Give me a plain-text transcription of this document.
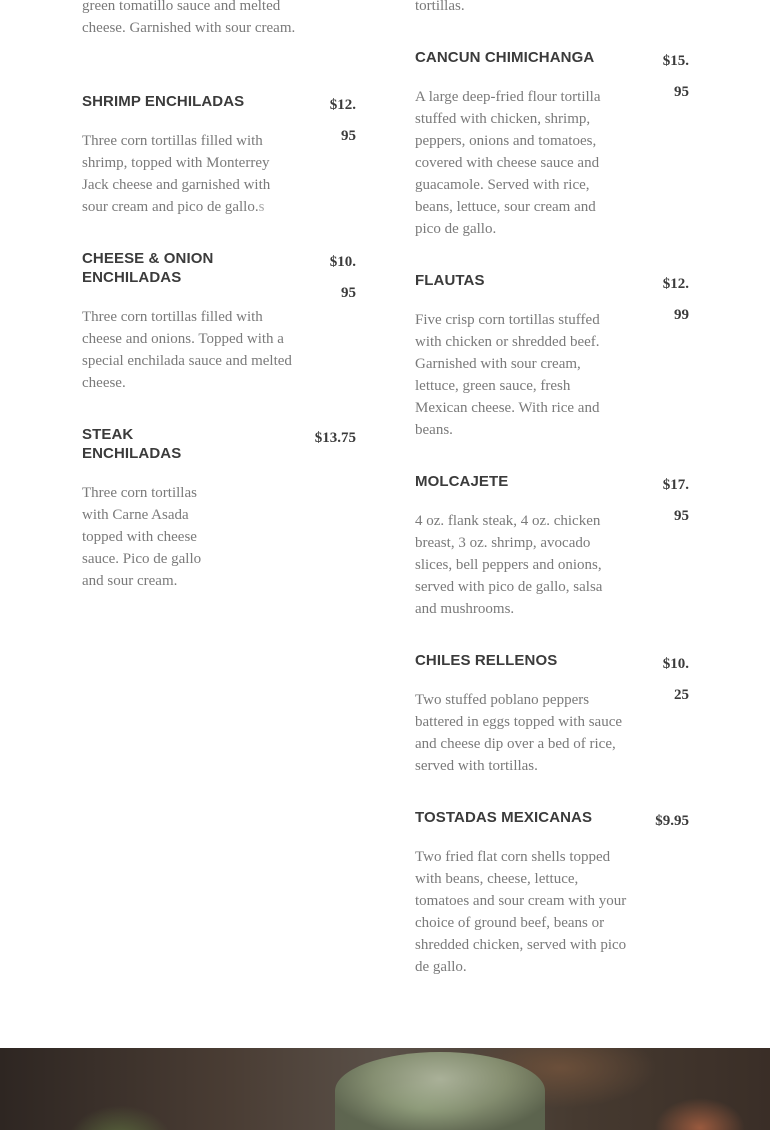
green tomatillo sauce and melted cheese. Garnished with sour cream.
SHRIMP ENCHILADAS	$12.
95
Three corn tortillas filled with shrimp, topped with Monterrey Jack cheese and garnished with sour cream and pico de gallo.s
CHEESE & ONION ENCHILADAS
$10.
95
Three corn tortillas filled with cheese and onions. Topped with a special enchilada sauce and melted cheese.
STEAK ENCHILADAS
$13.75
Three corn tortillas with Carne Asada topped with cheese sauce. Pico de gallo and sour cream.
tortillas.
CANCUN CHIMICHANGA	$15.
95
A large deep-fried flour tortilla stuffed with chicken, shrimp, peppers, onions and tomatoes, covered with cheese sauce and guacamole. Served with rice, beans, lettuce, sour cream and pico de gallo.
FLAUTAS	$12.
99
Five crisp corn tortillas stuffed with chicken or shredded beef. Garnished with sour cream, lettuce, green sauce, fresh Mexican cheese. With rice and beans.
MOLCAJETE	$17.
95
4 oz. flank steak, 4 oz. chicken breast, 3 oz. shrimp, avocado slices, bell peppers and onions, served with pico de gallo, salsa and mushrooms.
CHILES RELLENOS	$10.
25
Two stuffed poblano peppers battered in eggs topped with sauce and cheese dip over a bed of rice, served with tortillas.
TOSTADAS MEXICANAS	$9.95
Two fried flat corn shells topped with beans, cheese, lettuce, tomatoes and sour cream with your choice of ground beef, beans or shredded chicken, served with pico de gallo.
